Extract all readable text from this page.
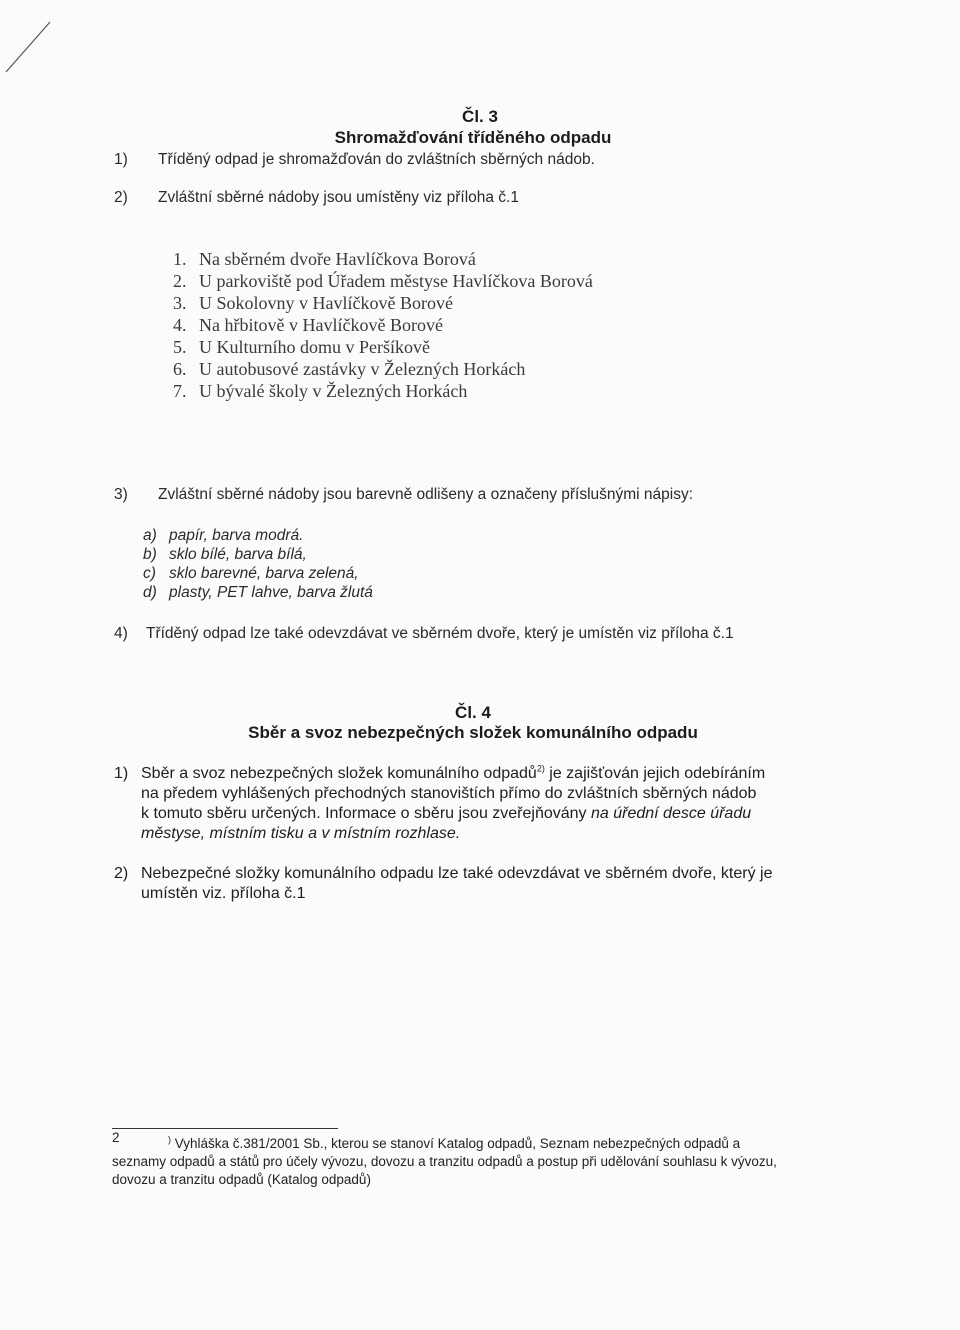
Čl. 3
Shromažďování tříděného odpadu
1) Tříděný odpad je shromažďován do zvláštních sběrných nádob.
2) Zvláštní sběrné nádoby jsou umístěny viz příloha č.1
1. Na sběrném dvoře Havlíčkova Borová
2. U parkoviště pod Úřadem městyse Havlíčkova Borová
3. U Sokolovny v Havlíčkově Borové
4. Na hřbitově v Havlíčkově Borové
5. U Kulturního domu v Peršíkově
6. U autobusové zastávky v Železných Horkách
7. U bývalé školy v Železných Horkách
3) Zvláštní sběrné nádoby jsou barevně odlišeny a označeny příslušnými nápisy:
a) papír, barva modrá.
b) sklo bílé, barva bílá,
c) sklo barevné, barva zelená,
d) plasty, PET lahve, barva žlutá
4) Tříděný odpad lze také odevzdávat ve sběrném dvoře, který je umístěn viz příloha č.1
Čl. 4
Sběr a svoz nebezpečných složek komunálního odpadu
1) Sběr a svoz nebezpečných složek komunálního odpadů$^{2)}$ je zajišťován jejich odebíráním
na předem vyhlášených přechodných stanovištích přímo do zvláštních sběrných nádob
k tomuto sběru určených. Informace o sběru jsou zveřejňovány na úřední desce úřadu
městyse, místním tisku a v místním rozhlase.
2) Nebezpečné složky komunálního odpadu lze také odevzdávat ve sběrném dvoře, který je
umístěn viz. příloha č.1
2	) Vyhláška č.381/2001 Sb., kterou se stanoví Katalog odpadů, Seznam nebezpečných odpadů a
seznamy odpadů a států pro účely vývozu, dovozu a tranzitu odpadů a postup při udělování souhlasu k vývozu,
dovozu a tranzitu odpadů (Katalog odpadů)
